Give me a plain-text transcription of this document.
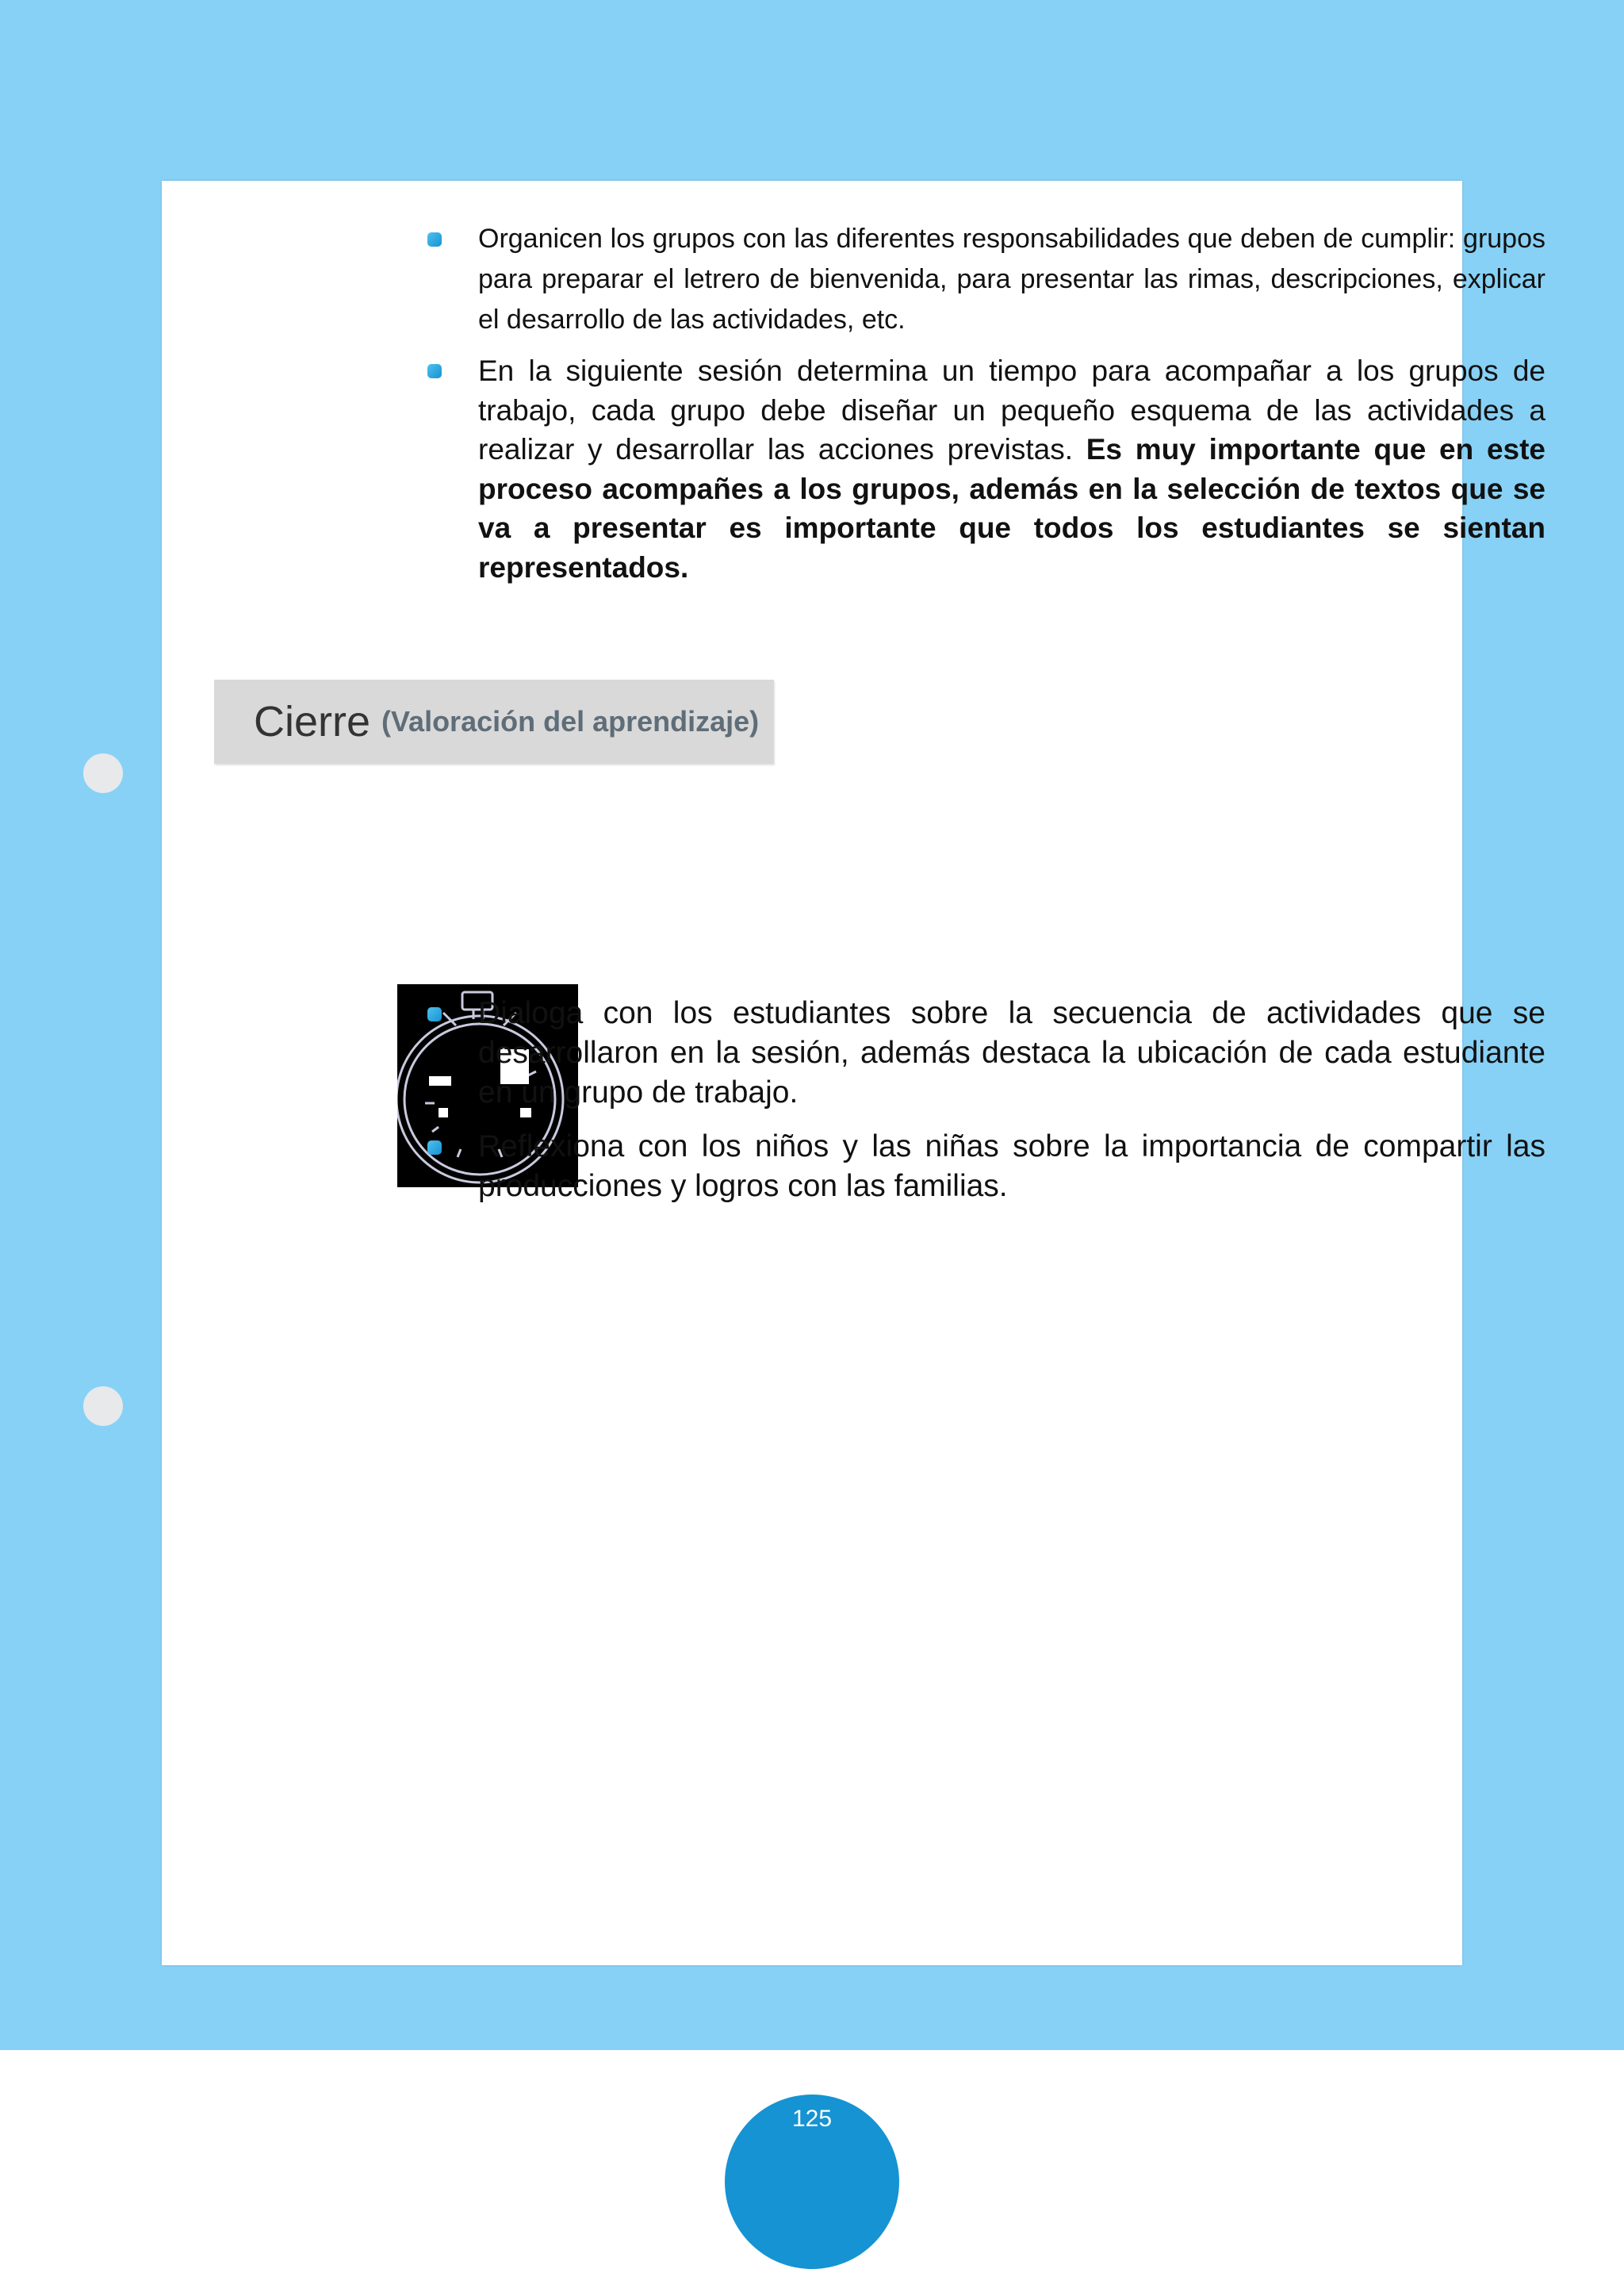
Organicen los grupos con las diferentes responsabilidades que deben de cumplir: grupos para preparar el letrero de bienvenida, para presentar las rimas, descripciones, explicar el desarrollo de las actividades, etc.
En la siguiente sesión determina un tiempo para acompañar a los grupos de trabajo, cada grupo debe diseñar un pequeño esquema de las actividades a realizar y desarrollar las acciones previstas. Es muy importante que en este proceso acompañes a los grupos, además en la selección de textos que se va a presentar es importante que todos los estudiantes se sientan representados.
Dialoga con los estudiantes sobre la secuencia de actividades que se desarrollaron en la sesión, además destaca la ubicación de cada estudiante en un grupo de trabajo.
Reflexiona con los niños y las niñas sobre la importancia de compartir las producciones y logros con las familias.
Cierre (Valoración del aprendizaje)
125
